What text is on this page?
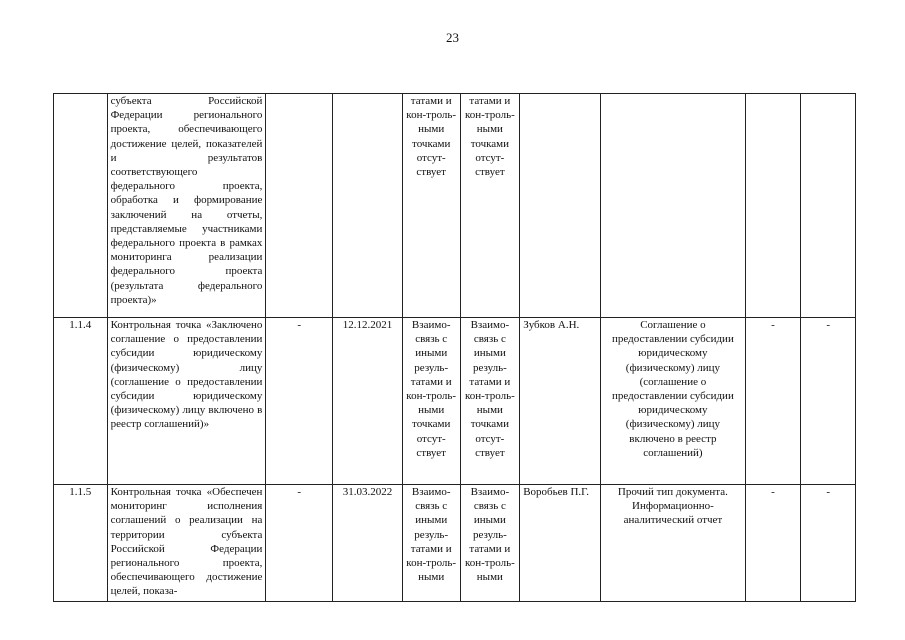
23
	субъекта Российской Федерации регионального проекта, обеспечивающего достижение целей, показателей и результатов соответствующего федерального проекта, обработка и формирование заключений на отчеты, представляемые участниками федерального проекта в рамках мониторинга реализации федерального проекта (результата федерального проекта)»			татами и кон-троль-ными точками отсут-ствует	татами и кон-троль-ными точками отсут-ствует				
1.1.4	Контрольная точка «Заключено соглашение о предоставлении субсидии юридическому (физическому) лицу (соглашение о предоставлении субсидии юридическому (физическому) лицу включено в реестр соглашений)»	-	12.12.2021	Взаимо-связь с иными резуль-татами и кон-троль-ными точками отсут-ствует	Взаимо-связь с иными резуль-татами и кон-троль-ными точками отсут-ствует	Зубков А.Н.	Соглашение о предоставлении субсидии юридическому (физическому) лицу (соглашение о предоставлении субсидии юридическому (физическому) лицу включено в реестр соглашений)	-	-
1.1.5	Контрольная точка «Обеспечен мониторинг исполнения соглашений о реализации на территории субъекта Российской Федерации регионального проекта, обеспечивающего достижение целей, показа-	-	31.03.2022	Взаимо-связь с иными резуль-татами и кон-троль-ными	Взаимо-связь с иными резуль-татами и кон-троль-ными	Воробьев П.Г.	Прочий тип документа. Информационно-аналитический отчет	-	-
